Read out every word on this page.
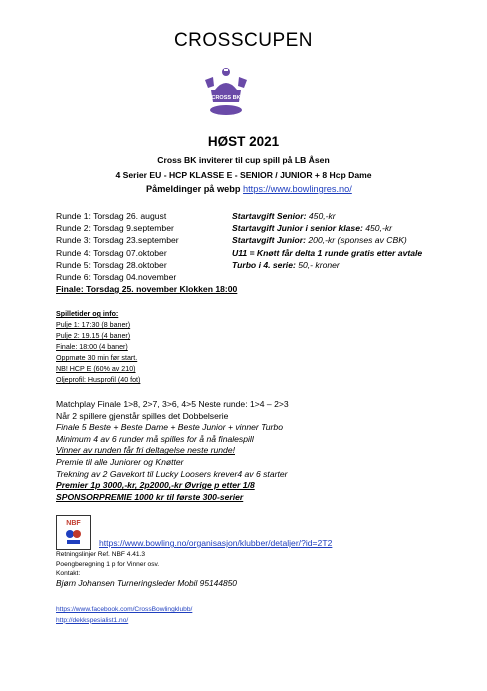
CROSSCUPEN
CROSS BK
HØST 2021
Cross BK inviterer til cup spill på LB Åsen
4 Serier EU - HCP KLASSE E - SENIOR / JUNIOR + 8 Hcp Dame
Påmeldinger på webp https://www.bowlingres.no/
Runde 1: Torsdag 26. august
Runde 2: Torsdag 9.september
Runde 3: Torsdag 23.september
Runde 4: Torsdag 07.oktober
Runde 5: Torsdag 28.oktober
Runde 6: Torsdag 04.november
Startavgift Senior: 450,-kr
Startavgift Junior i senior klase: 450,-kr
Startavgift Junior: 200,-kr (sponses av CBK)
U11 = Knøtt får delta 1 runde gratis etter avtale
Turbo i 4. serie: 50,- kroner
Finale: Torsdag 25. november Klokken 18:00
Spilletider og info:
Pulje 1: 17:30 (8 baner)
Pulje 2: 19.15 (4 baner)
Finale: 18:00 (4 baner)
Oppmøte 30 min før start.
NB! HCP E (60% av 210)
Oljeprofil: Husprofil (40 fot)
Matchplay Finale 1>8, 2>7, 3>6, 4>5 Neste runde: 1>4 – 2>3
Når 2 spillere gjenstår spilles det Dobbelserie
Finale 5 Beste + Beste Dame + Beste Junior + vinner Turbo
Minimum 4 av 6 runder må spilles for å nå finalespill
Vinner av runden får fri deltagelse neste runde!
Premie til alle Juniorer og Knøtter
Trekning av 2 Gavekort til Lucky Loosers krever4 av 6 starter
Premier 1p 3000,-kr, 2p2000,-kr Øvrige p etter 1/8
SPONSORPREMIE 1000 kr til første 300-serier
NBF
https://www.bowling.no/organisasjon/klubber/detaljer/?id=2T2
Retningslinjer Ref. NBF 4.41.3
Poengberegning 1 p for Vinner osv.
Kontakt:
Bjørn Johansen Turneringsleder Mobil 95144850
https://www.facebook.com/CrossBowlingklubb/
http://dekkspesialist1.no/
